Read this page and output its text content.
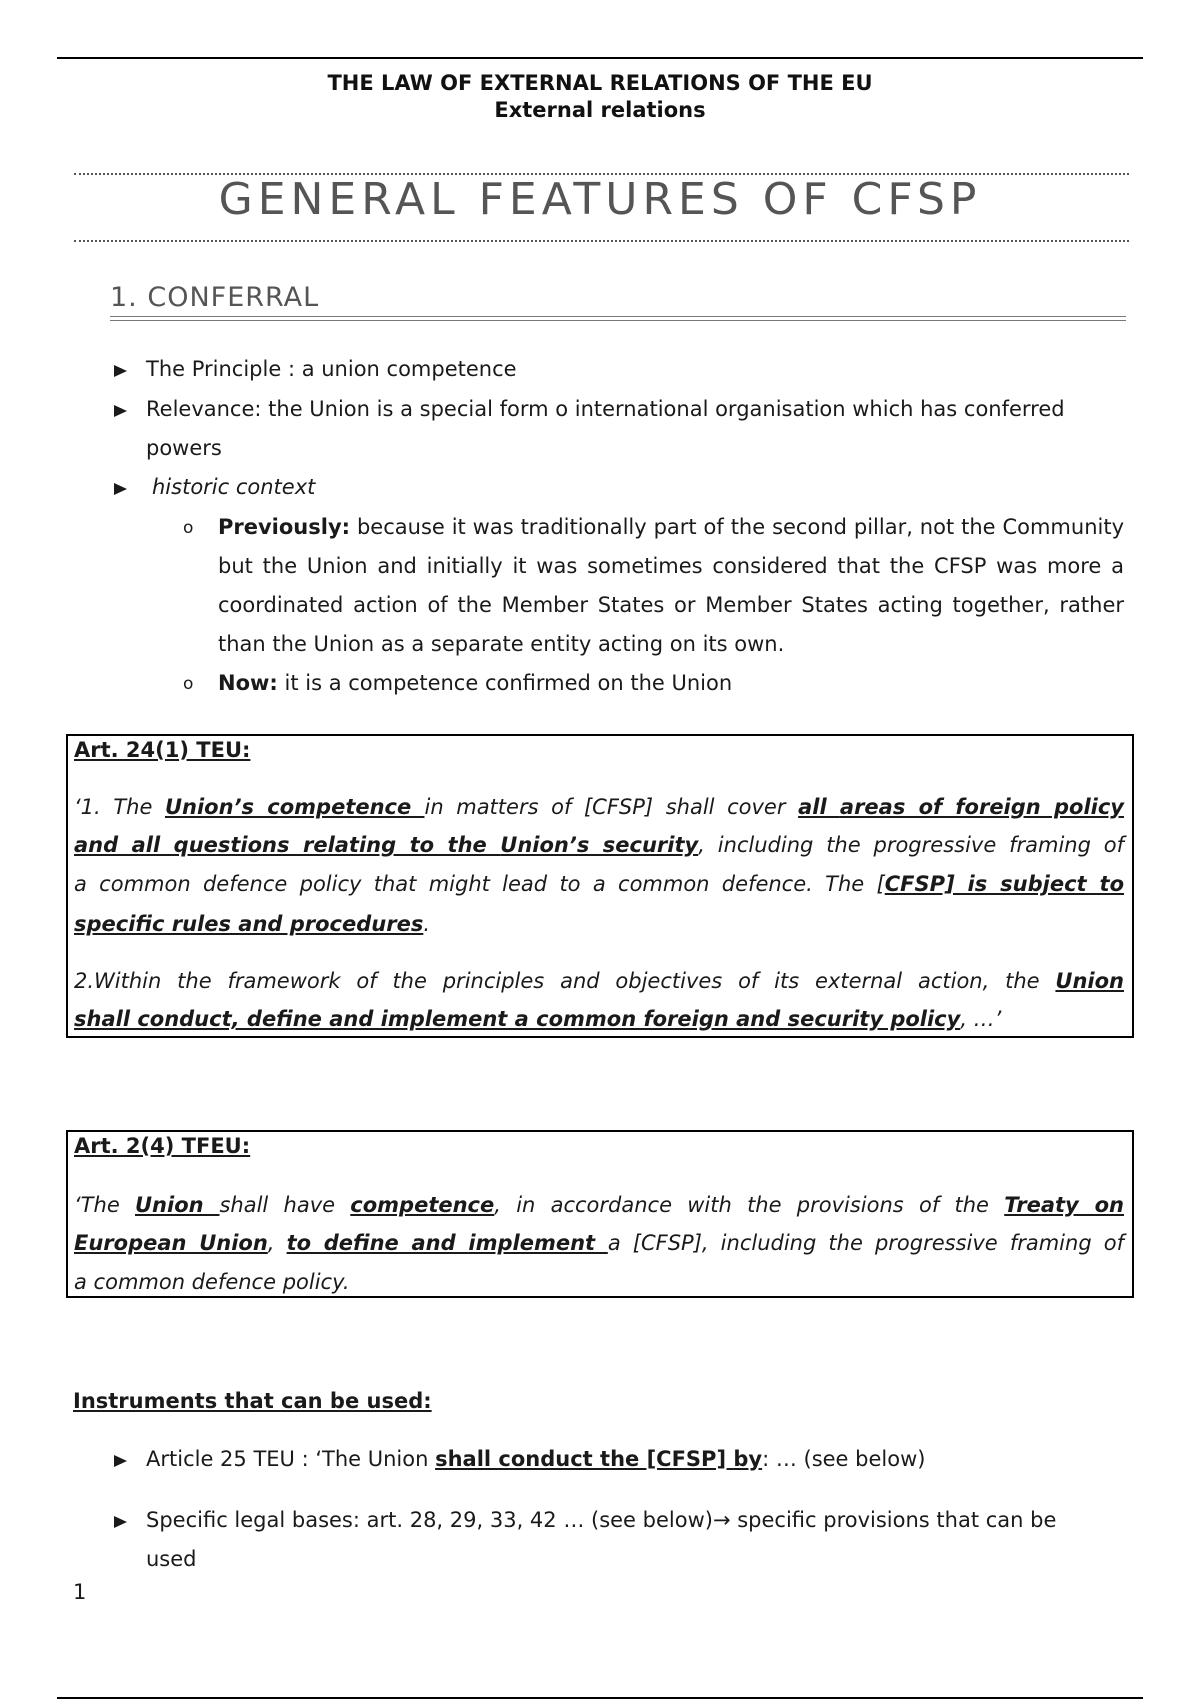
THE LAW OF EXTERNAL RELATIONS OF THE EU
External relations
GENERAL FEATURES OF CFSP
1. CONFERRAL
The Principle : a union competence
Relevance: the Union is a special form o international organisation which has conferred
powers
historic context
o Previously: because it was traditionally part of the second pillar, not the Community but the Union and initially it was sometimes considered that the CFSP was more a coordinated action of the Member States or Member States acting together, rather than the Union as a separate entity acting on its own.
o Now: it is a competence confirmed on the Union
Art. 24(1) TEU:
‘1. The Union’s competence in matters of [CFSP] shall cover all areas of foreign policy
and all questions relating to the Union’s security, including the progressive framing of
a common defence policy that might lead to a common defence. The [CFSP] is subject to
specific rules and procedures.
2.Within the framework of the principles and objectives of its external action, the Union
shall conduct, define and implement a common foreign and security policy, …’
Art. 2(4) TFEU:
‘The Union shall have competence, in accordance with the provisions of the Treaty on
European Union, to define and implement a [CFSP], including the progressive framing of
a common defence policy.
Instruments that can be used:
Article 25 TEU : ‘The Union shall conduct the [CFSP] by: … (see below)
Specific legal bases: art. 28, 29, 33, 42 … (see below)→ specific provisions that can be
used
1
